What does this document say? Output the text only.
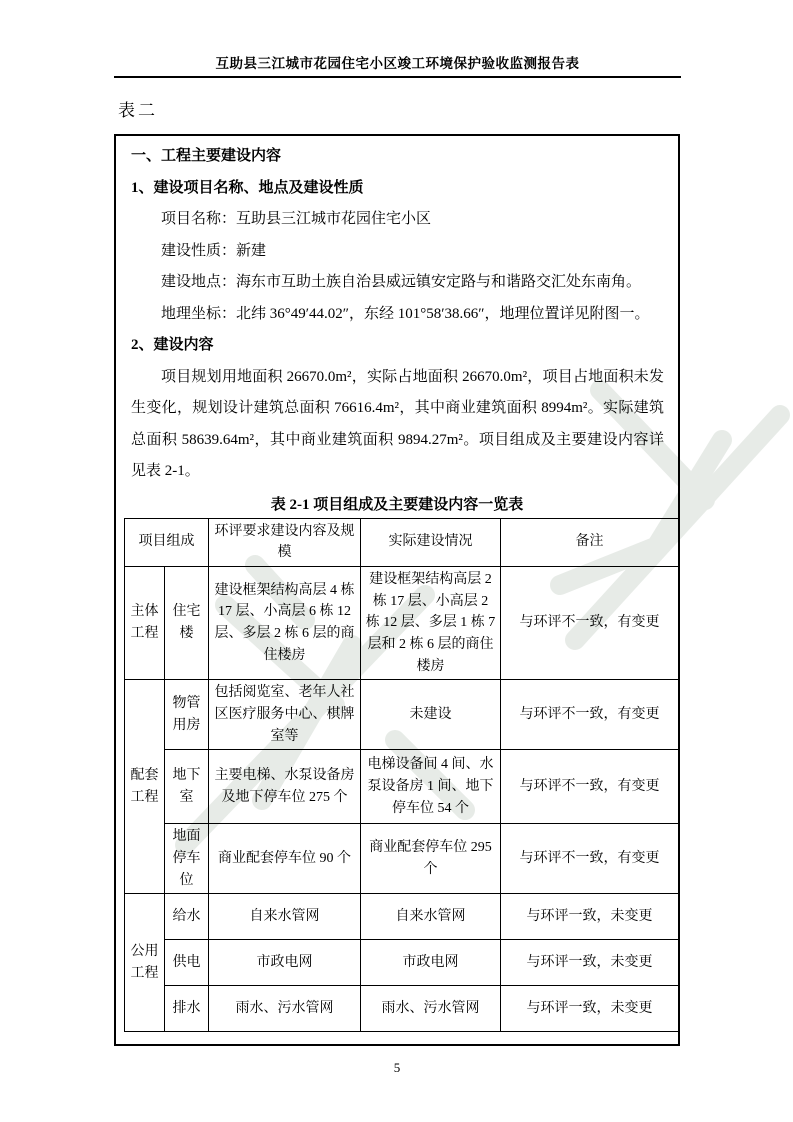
互助县三江城市花园住宅小区竣工环境保护验收监测报告表
表二

一、工程主要建设内容

1、建设项目名称、地点及建设性质

项目名称：互助县三江城市花园住宅小区

建设性质：新建

建设地点：海东市互助土族自治县威远镇安定路与和谐路交汇处东南角。

地理坐标：北纬 36°49′44.02″，东经 101°58′38.66″，地理位置详见附图一。

2、建设内容

项目规划用地面积 26670.0m²，实际占地面积 26670.0m²，项目占地面积未发生变化，规划设计建筑总面积 76616.4m²，其中商业建筑面积 8994m²。实际建筑总面积 58639.64m²，其中商业建筑面积 9894.27m²。项目组成及主要建设内容详见表 2-1。

表 2-1 项目组成及主要建设内容一览表
项目组成		环评要求建设内容及规模	实际建设情况	备注
主体工程	住宅楼	建设框架结构高层 4 栋 17 层、小高层 6 栋 12 层、多层 2 栋 6 层的商住楼房	建设框架结构高层 2 栋 17 层、小高层 2 栋 12 层、多层 1 栋 7 层和 2 栋 6 层的商住楼房	与环评不一致，有变更
配套工程	物管用房	包括阅览室、老年人社区医疗服务中心、棋牌室等	未建设	与环评不一致，有变更
	地下室	主要电梯、水泵设备房及地下停车位 275 个	电梯设备间 4 间、水泵设备房 1 间、地下停车位 54 个	与环评不一致，有变更
	地面停车位	商业配套停车位 90 个	商业配套停车位 295 个	与环评不一致，有变更
公用工程	给水	自来水管网	自来水管网	与环评一致，未变更
	供电	市政电网	市政电网	与环评一致，未变更
	排水	雨水、污水管网	雨水、污水管网	与环评一致，未变更
5
